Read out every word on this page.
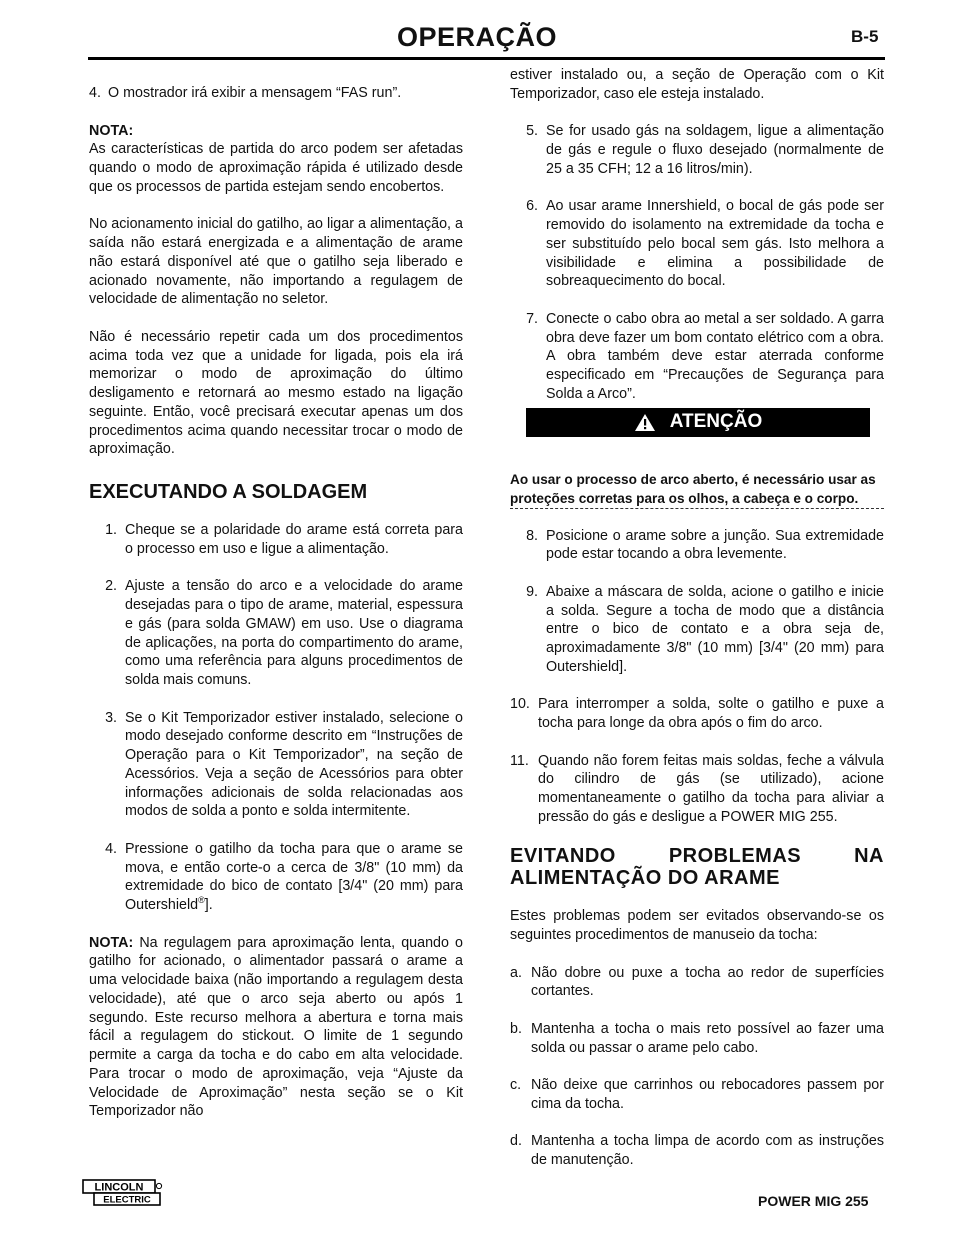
OPERAÇÃO	B-5
4. O mostrador irá exibir a mensagem “FAS run”.
NOTA:
As características de partida do arco podem ser afetadas quando o modo de aproximação rápida é utilizado desde que os processos de partida estejam sendo encobertos.
No acionamento inicial do gatilho, ao ligar a alimentação, a saída não estará energizada e a alimentação de arame não estará disponível até que o gatilho seja liberado e acionado novamente, não importando a regulagem de velocidade de alimentação no seletor.
Não é necessário repetir cada um dos procedimentos acima toda vez que a unidade for ligada, pois ela irá memorizar o modo de aproximação do último desligamento e retornará ao mesmo estado na ligação seguinte. Então, você precisará executar apenas um dos procedimentos acima quando necessitar trocar o modo de aproximação.
EXECUTANDO A SOLDAGEM
1. Cheque se a polaridade do arame está correta para o processo em uso e ligue a alimentação.
2. Ajuste a tensão do arco e a velocidade do arame desejadas para o tipo de arame, material, espessura e gás (para solda GMAW) em uso. Use o diagrama de aplicações, na porta do compartimento do arame, como uma referência para alguns procedimentos de solda mais comuns.
3. Se o Kit Temporizador estiver instalado, selecione o modo desejado conforme descrito em “Instruções de Operação para o Kit Temporizador”, na seção de Acessórios. Veja a seção de Acessórios para obter informações adicionais de solda relacionadas aos modos de solda a ponto e solda intermitente.
4. Pressione o gatilho da tocha para que o arame se mova, e então corte-o a cerca de 3/8" (10 mm) da extremidade do bico de contato [3/4" (20 mm) para Outershield®].
NOTA: Na regulagem para aproximação lenta, quando o gatilho for acionado, o alimentador passará o arame a uma velocidade baixa (não importando a regulagem desta velocidade), até que o arco seja aberto ou após 1 segundo. Este recurso melhora a abertura e torna mais fácil a regulagem do stickout. O limite de 1 segundo permite a carga da tocha e do cabo em alta velocidade. Para trocar o modo de aproximação, veja “Ajuste da Velocidade de Aproximação” nesta seção se o Kit Temporizador não
estiver instalado ou, a seção de Operação com o Kit Temporizador, caso ele esteja instalado.
5. Se for usado gás na soldagem, ligue a alimentação de gás e regule o fluxo desejado (normalmente de 25 a 35 CFH; 12 a 16 litros/min).
6. Ao usar arame Innershield, o bocal de gás pode ser removido do isolamento na extremidade da tocha e ser substituído pelo bocal sem gás. Isto melhora a visibilidade e elimina a possibilidade de sobreaquecimento do bocal.
7. Conecte o cabo obra ao metal a ser soldado. A garra obra deve fazer um bom contato elétrico com a obra. A obra também deve estar aterrada conforme especificado em “Precauções de Segurança para Solda a Arco”.
ATENÇÃO
Ao usar o processo de arco aberto, é necessário usar as proteções corretas para os olhos, a cabeça e o corpo.
8. Posicione o arame sobre a junção. Sua extremidade pode estar tocando a obra levemente.
9. Abaixe a máscara de solda, acione o gatilho e inicie a solda. Segure a tocha de modo que a distância entre o bico de contato e a obra seja de, aproximadamente 3/8" (10 mm) [3/4" (20 mm) para Outershield].
10. Para interromper a solda, solte o gatilho e puxe a tocha para longe da obra após o fim do arco.
11. Quando não forem feitas mais soldas, feche a válvula do cilindro de gás (se utilizado), acione momentaneamente o gatilho da tocha para aliviar a pressão do gás e desligue a POWER MIG 255.
EVITANDO PROBLEMAS NA
ALIMENTAÇÃO DO ARAME
Estes problemas podem ser evitados observando-se os seguintes procedimentos de manuseio da tocha:
a. Não dobre ou puxe a tocha ao redor de superfícies cortantes.
b. Mantenha a tocha o mais reto possível ao fazer uma solda ou passar o arame pelo cabo.
c. Não deixe que carrinhos ou rebocadores passem por cima da tocha.
d. Mantenha a tocha limpa de acordo com as instruções de manutenção.
LINCOLN
ELECTRIC	POWER MIG 255
